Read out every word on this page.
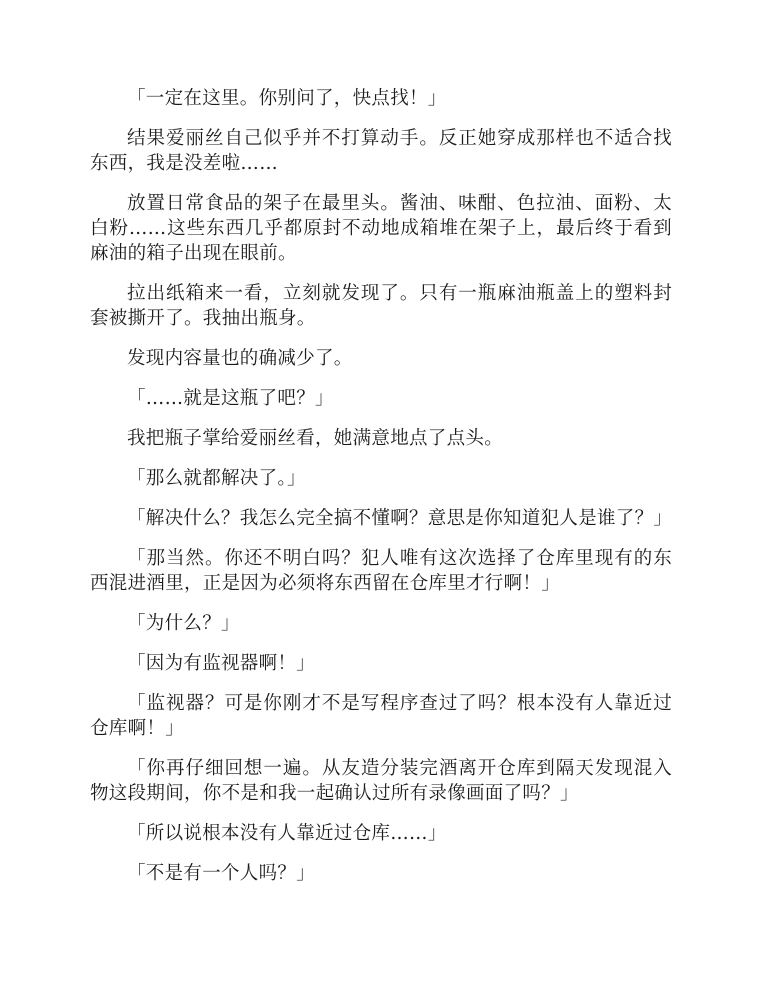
「一定在这里。你别问了，快点找！」

结果爱丽丝自己似乎并不打算动手。反正她穿成那样也不适合找东西，我是没差啦……

放置日常食品的架子在最里头。酱油、味酣、色拉油、面粉、太白粉……这些东西几乎都原封不动地成箱堆在架子上，最后终于看到麻油的箱子出现在眼前。

拉出纸箱来一看，立刻就发现了。只有一瓶麻油瓶盖上的塑料封套被撕开了。我抽出瓶身。

发现内容量也的确减少了。

「……就是这瓶了吧？」

我把瓶子掌给爱丽丝看，她满意地点了点头。

「那么就都解决了。」

「解决什么？我怎么完全搞不懂啊？意思是你知道犯人是谁了？」

「那当然。你还不明白吗？犯人唯有这次选择了仓库里现有的东西混进酒里，正是因为必须将东西留在仓库里才行啊！」

「为什么？」

「因为有监视器啊！」

「监视器？可是你刚才不是写程序查过了吗？根本没有人靠近过仓库啊！」

「你再仔细回想一遍。从友造分装完酒离开仓库到隔天发现混入物这段期间，你不是和我一起确认过所有录像画面了吗？」

「所以说根本没有人靠近过仓库……」

「不是有一个人吗？」
